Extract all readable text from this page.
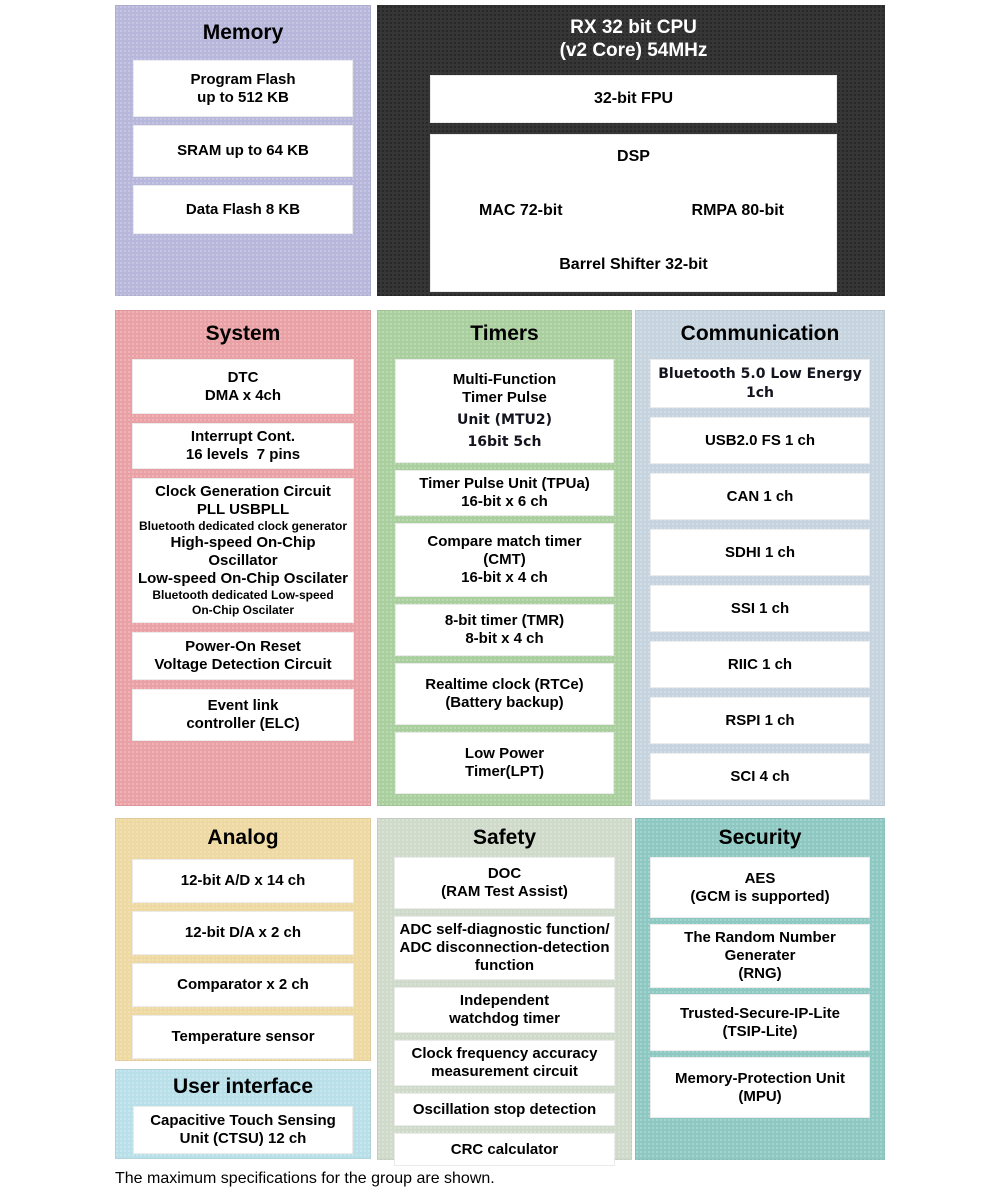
Memory
Program Flash
up to 512 KB
SRAM up to 64 KB
Data Flash 8 KB
RX 32 bit CPU
(v2 Core) 54MHz
32-bit FPU
DSP
MAC 72-bit	RMPA 80-bit
Barrel Shifter 32-bit
System
DTC
DMA x 4ch
Interrupt Cont.
16 levels  7 pins
Clock Generation Circuit
PLL USBPLL
Bluetooth dedicated clock generator
High-speed On-Chip Oscillator
Low-speed On-Chip Oscilater
Bluetooth dedicated Low-speed
On-Chip Oscilater
Power-On Reset
Voltage Detection Circuit
Event link
controller (ELC)
Timers
Multi-Function
Timer Pulse
Unit (MTU2)
16bit 5ch
Timer Pulse Unit (TPUa)
16-bit x 6 ch
Compare match timer
(CMT)
16-bit x 4 ch
8-bit timer (TMR)
8-bit x 4 ch
Realtime clock (RTCe)
(Battery backup)
Low Power
Timer(LPT)
Communication
Bluetooth 5.0 Low Energy
1ch
USB2.0 FS 1 ch
CAN 1 ch
SDHI 1 ch
SSI 1 ch
RIIC 1 ch
RSPI 1 ch
SCI 4 ch
Analog
12-bit A/D x 14 ch
12-bit D/A x 2 ch
Comparator x 2 ch
Temperature sensor
Safety
DOC
(RAM Test Assist)
ADC self-diagnostic function/
ADC disconnection-detection
function
Independent
watchdog timer
Clock frequency accuracy
measurement circuit
Oscillation stop detection
CRC calculator
Security
AES
(GCM is supported)
The Random Number Generater
(RNG)
Trusted-Secure-IP-Lite
(TSIP-Lite)
Memory-Protection Unit
(MPU)
User interface
Capacitive Touch Sensing
Unit (CTSU) 12 ch
The maximum specifications for the group are shown.
